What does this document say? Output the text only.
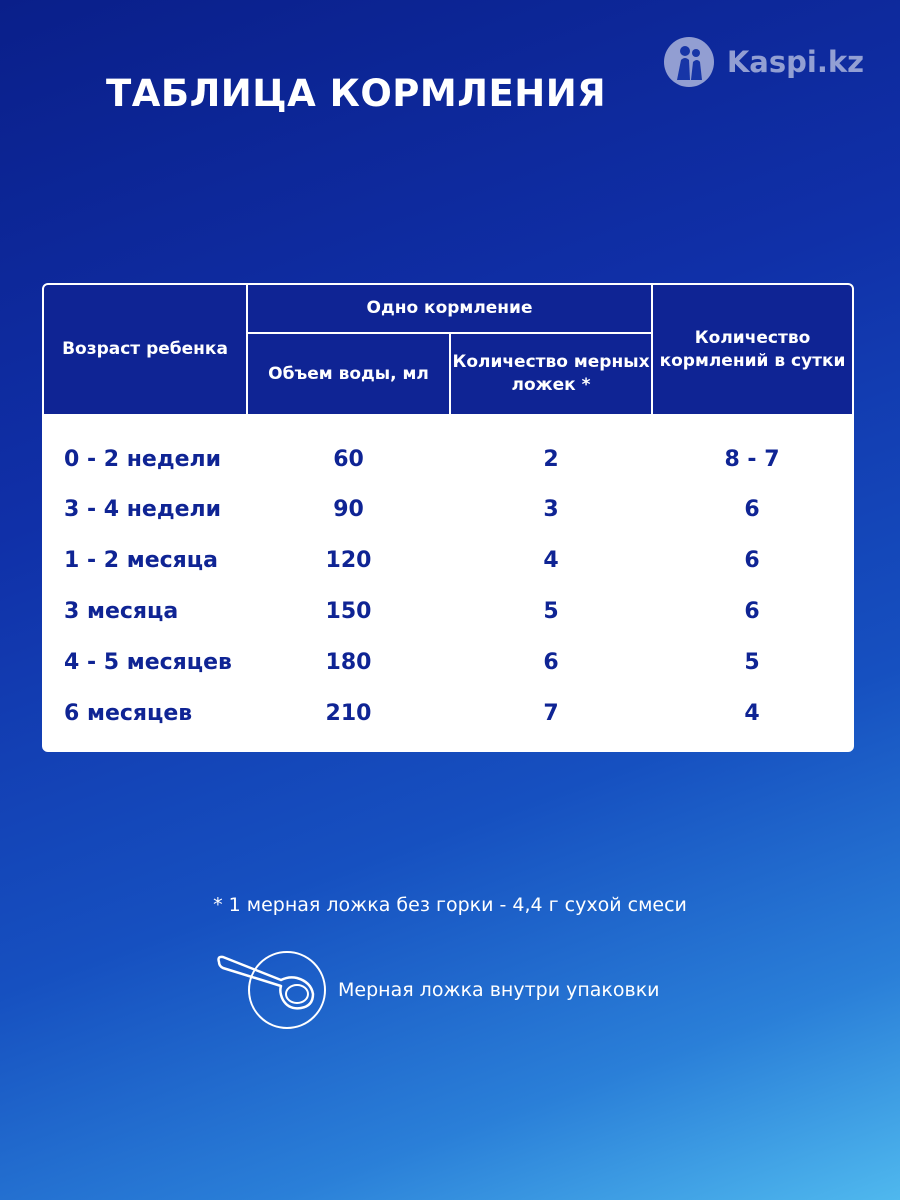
ТАБЛИЦА КОРМЛЕНИЯ
Kaspi.kz
Возраст ребенка	Одно кормление		Количество кормлений в сутки
	Объем воды, мл	Количество мерных ложек *	
0 - 2 недели	60	2	8 - 7
3 - 4 недели	90	3	6
1 - 2 месяца	120	4	6
3 месяца	150	5	6
4 - 5 месяцев	180	6	5
6 месяцев	210	7	4
* 1 мерная ложка без горки - 4,4 г сухой смеси
Мерная ложка внутри упаковки
